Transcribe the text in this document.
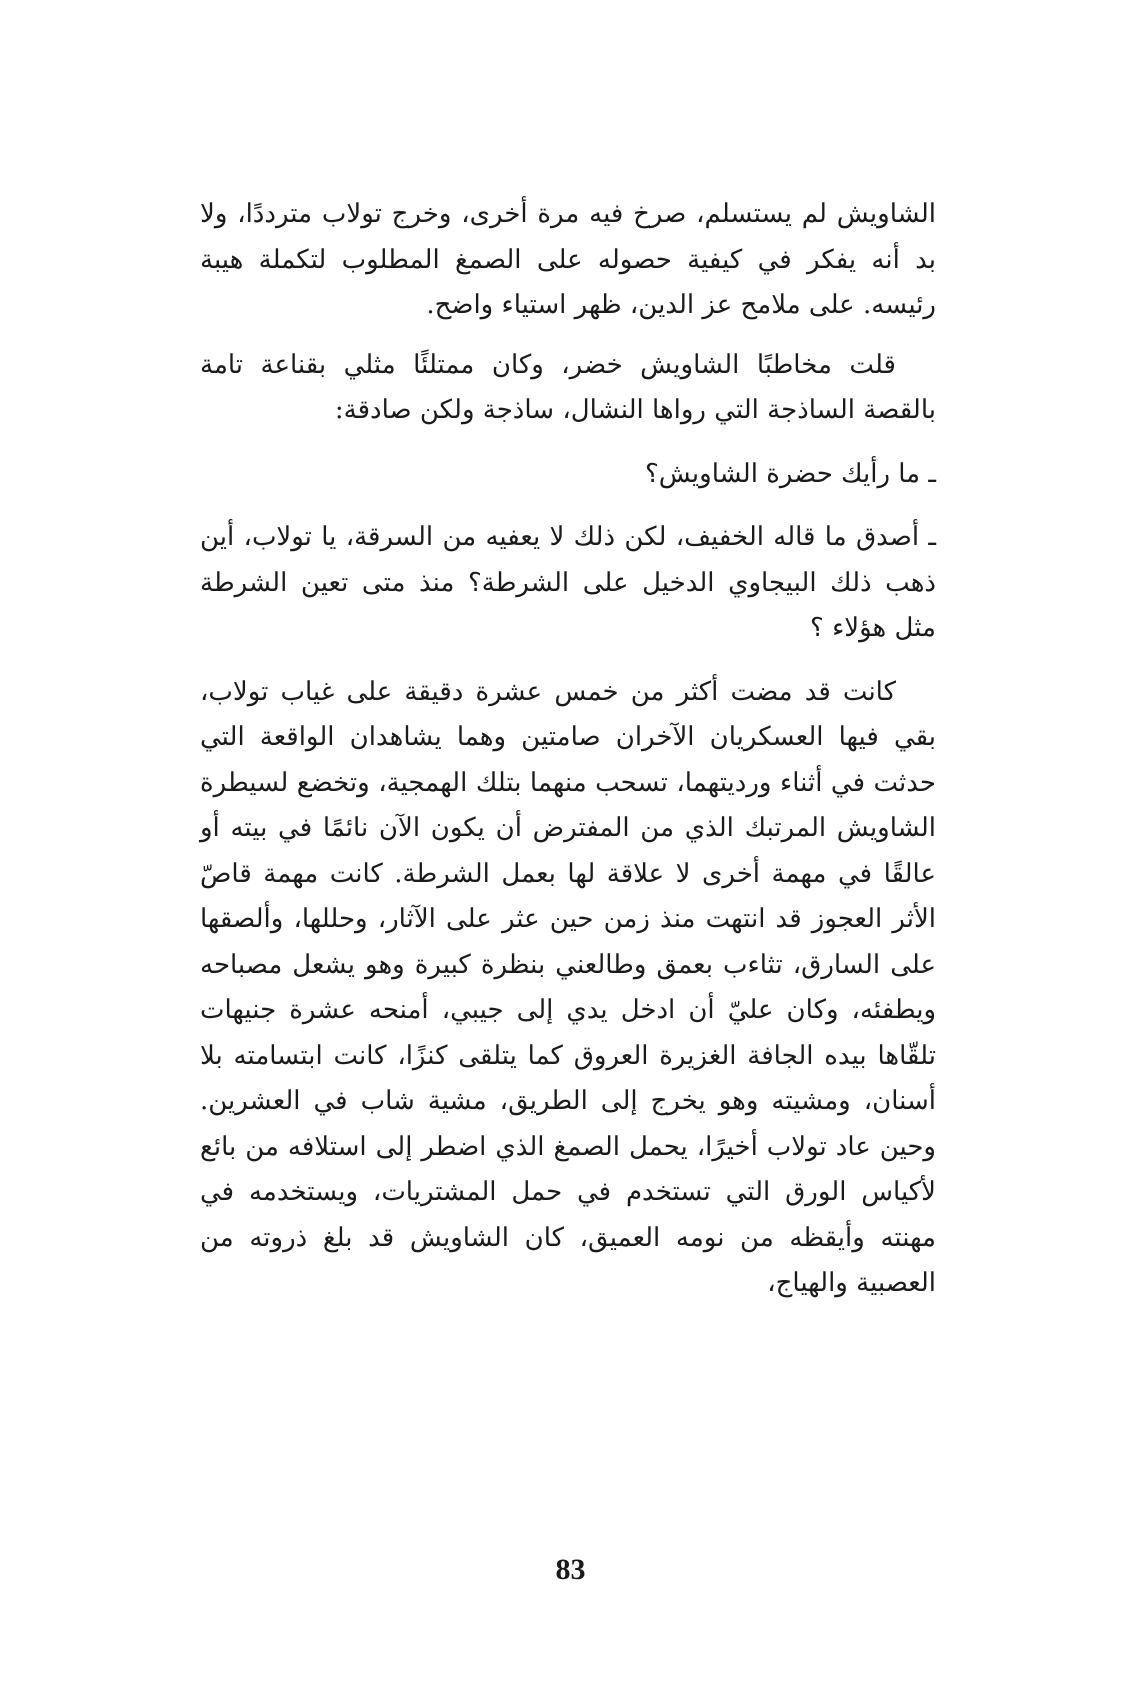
الشاويش لم يستسلم، صرخ فيه مرة أخرى، وخرج تولاب مترددًا، ولا بد أنه يفكر في كيفية حصوله على الصمغ المطلوب لتكملة هيبة رئيسه. على ملامح عز الدين، ظهر استياء واضح.

قلت مخاطبًا الشاويش خضر، وكان ممتلئًا مثلي بقناعة تامة بالقصة الساذجة التي رواها النشال، ساذجة ولكن صادقة:

ـ ما رأيك حضرة الشاويش؟

ـ أصدق ما قاله الخفيف، لكن ذلك لا يعفيه من السرقة، يا تولاب، أين ذهب ذلك البيجاوي الدخيل على الشرطة؟ منذ متى تعين الشرطة مثل هؤلاء ؟

كانت قد مضت أكثر من خمس عشرة دقيقة على غياب تولاب، بقي فيها العسكريان الآخران صامتين وهما يشاهدان الواقعة التي حدثت في أثناء ورديتهما، تسحب منهما بتلك الهمجية، وتخضع لسيطرة الشاويش المرتبك الذي من المفترض أن يكون الآن نائمًا في بيته أو عالقًا في مهمة أخرى لا علاقة لها بعمل الشرطة. كانت مهمة قاصّ الأثر العجوز قد انتهت منذ زمن حين عثر على الآثار، وحللها، وألصقها على السارق، تثاءب بعمق وطالعني بنظرة كبيرة وهو يشعل مصباحه ويطفئه، وكان عليّ أن ادخل يدي إلى جيبي، أمنحه عشرة جنيهات تلقّاها بيده الجافة الغزيرة العروق كما يتلقى كنزًا، كانت ابتسامته بلا أسنان، ومشيته وهو يخرج إلى الطريق، مشية شاب في العشرين. وحين عاد تولاب أخيرًا، يحمل الصمغ الذي اضطر إلى استلافه من بائع لأكياس الورق التي تستخدم في حمل المشتريات، ويستخدمه في مهنته وأيقظه من نومه العميق، كان الشاويش قد بلغ ذروته من العصبية والهياج،

83
